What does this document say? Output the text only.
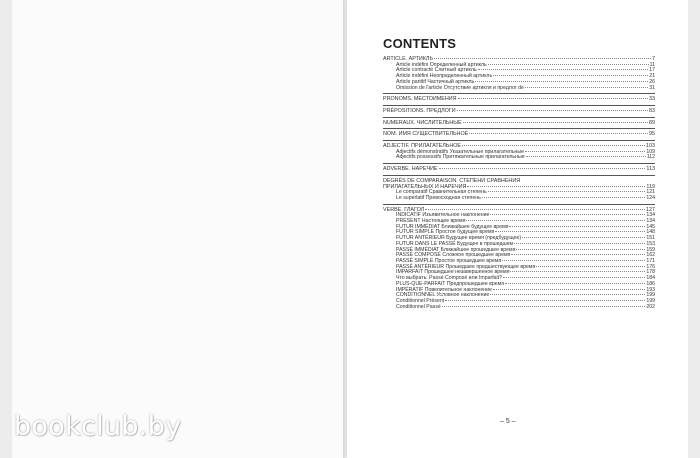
CONTENTS
ARTICLE. АРТИКЛЬ	7
Article indéfini Определенный артикль	11
Article contracté Слитный артикль	17
Article indéfini Неопределенный артикль	21
Article partitif Частичный артикль	26
Omission de l'article Отсутствие артикля и предлог de	31
PRONOMS. МЕСТОИМЕНИЯ	33
PRÉPOSITIONS. ПРЕДЛОГИ	83
NUMERAUX. ЧИСЛИТЕЛЬНЫЕ	89
NOM. ИМЯ СУЩЕСТВИТЕЛЬНОЕ	95
ADJECTIF. ПРИЛАГАТЕЛЬНОЕ	103
Adjectifs démonstratifs Указательные прилагательные	109
Adjectifs possessifs Притяжательные прилагательные	112
ADVERBE. НАРЕЧИЕ	113
DEGRÉS DE COMPARAISON. СТЕПЕНИ СРАВНЕНИЯ
ПРИЛАГАТЕЛЬНЫХ И НАРЕЧИЯ	119
Le comparatif Сравнительная степень	121
Le superlatif Превосходная степень	124
VERBE. ГЛАГОЛ	127
INDICATIF Изъявительное наклонение	134
PRÉSENT Настоящее время	134
FUTUR IMMÉDIAT Ближайшее будущее время	145
FUTUR SIMPLE Простое будущее время	148
FUTUR ANTÉRIEUR Будущее время (предбудущее)	151
FUTUR DANS LE PASSÉ Будущее в прошедшем	153
PASSÉ IMMÉDIAT Ближайшее прошедшее время	159
PASSÉ COMPOSÉ Сложное прошедшее время	162
PASSÉ SIMPLE Простое прошедшее время	171
PASSÉ ANTÉRIEUR Прошедшее предшествующее время	176
IMPARFAIT Прошедшее незавершенное время	178
Что выбрать: Passé Composé или Imparfait?	184
PLUS-QUE-PARFAIT Предпрошедшее время	186
IMPÉRATIF Повелительное наклонение	193
CONDITIONNEL Условное наклонение	199
Conditionnel Présent	199
Conditionnel Passé	202
– 5 –
bookclub.by
